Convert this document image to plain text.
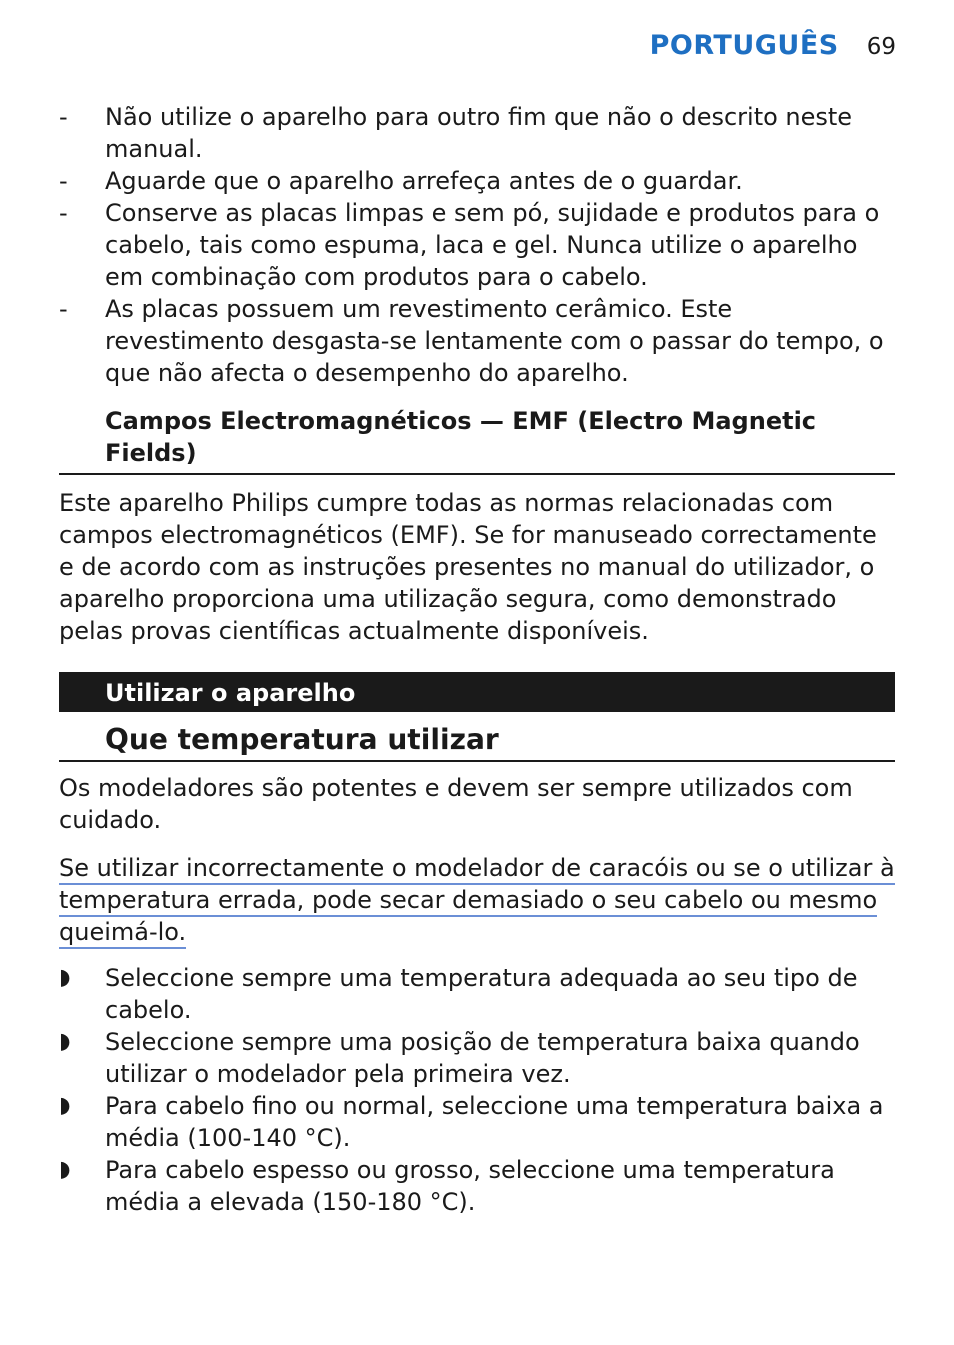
PORTUGUÊS 69
- Não utilize o aparelho para outro fim que não o descrito neste manual.
- Aguarde que o aparelho arrefeça antes de o guardar.
- Conserve as placas limpas e sem pó, sujidade e produtos para o cabelo, tais como espuma, laca e gel. Nunca utilize o aparelho em combinação com produtos para o cabelo.
- As placas possuem um revestimento cerâmico. Este revestimento desgasta-se lentamente com o passar do tempo, o que não afecta o desempenho do aparelho.
Campos Electromagnéticos — EMF (Electro Magnetic Fields)

Este aparelho Philips cumpre todas as normas relacionadas com campos electromagnéticos (EMF). Se for manuseado correctamente e de acordo com as instruções presentes no manual do utilizador, o aparelho proporciona uma utilização segura, como demonstrado pelas provas científicas actualmente disponíveis.

Utilizar o aparelho
Que temperatura utilizar

Os modeladores são potentes e devem ser sempre utilizados com cuidado.

Se utilizar incorrectamente o modelador de caracóis ou se o utilizar à
temperatura errada, pode secar demasiado o seu cabelo ou mesmo
queimá-lo.

◗ Seleccione sempre uma temperatura adequada ao seu tipo de cabelo.
◗ Seleccione sempre uma posição de temperatura baixa quando utilizar o modelador pela primeira vez.
◗ Para cabelo fino ou normal, seleccione uma temperatura baixa a média (100-140 °C).
◗ Para cabelo espesso ou grosso, seleccione uma temperatura média a elevada (150-180 °C).
